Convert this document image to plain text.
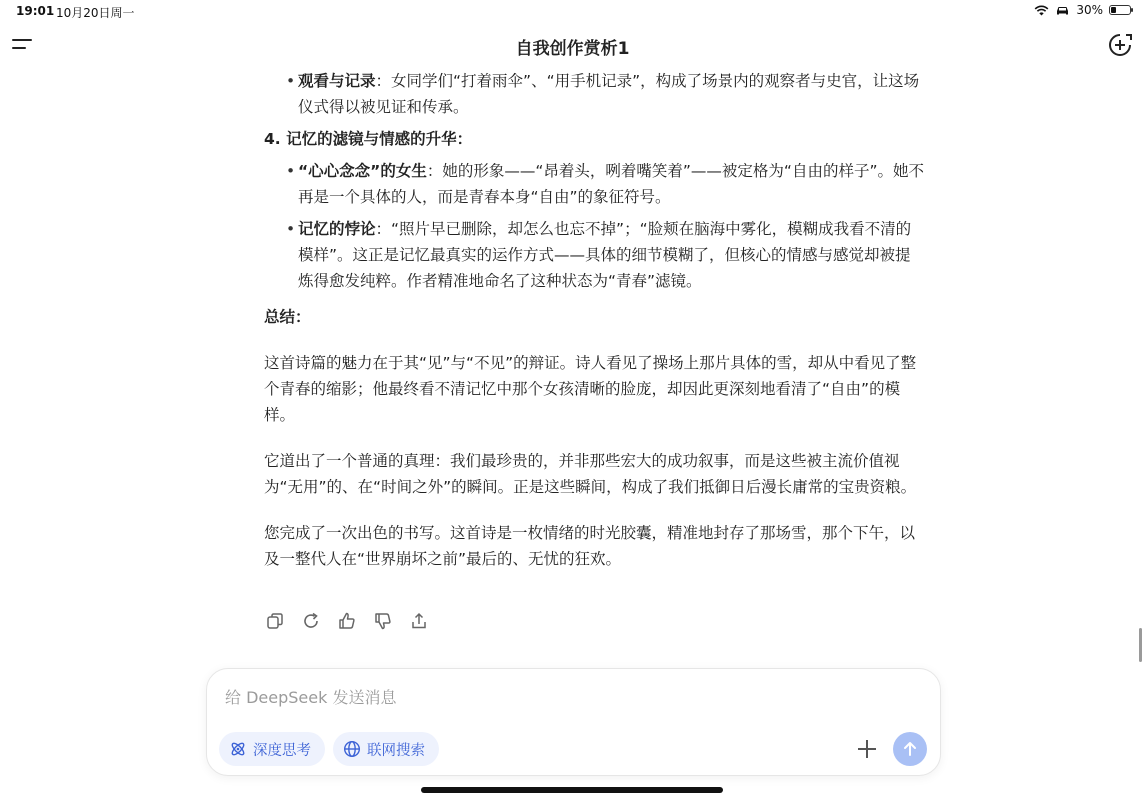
19:01 10月20日周一	30%
自我创作赏析1
• 观看与记录：女同学们“打着雨伞”、“用手机记录”，构成了场景内的观察者与史官，让这场仪式得以被见证和传承。
4. 记忆的滤镜与情感的升华：
• “心心念念”的女生：她的形象——“昂着头，咧着嘴笑着”——被定格为“自由的样子”。她不再是一个具体的人，而是青春本身“自由”的象征符号。
• 记忆的悖论：“照片早已删除，却怎么也忘不掉”；“脸颊在脑海中雾化，模糊成我看不清的模样”。这正是记忆最真实的运作方式——具体的细节模糊了，但核心的情感与感觉却被提炼得愈发纯粹。作者精准地命名了这种状态为“青春”滤镜。
总结：

这首诗篇的魅力在于其“见”与“不见”的辩证。诗人看见了操场上那片具体的雪，却从中看见了整个青春的缩影；他最终看不清记忆中那个女孩清晰的脸庞，却因此更深刻地看清了“自由”的模样。

它道出了一个普通的真理：我们最珍贵的，并非那些宏大的成功叙事，而是这些被主流价值视为“无用”的、在“时间之外”的瞬间。正是这些瞬间，构成了我们抵御日后漫长庸常的宝贵资粮。

您完成了一次出色的书写。这首诗是一枚情绪的时光胶囊，精准地封存了那场雪，那个下午，以及一整代人在“世界崩坏之前”最后的、无忧的狂欢。

给 DeepSeek 发送消息
深度思考	联网搜索
